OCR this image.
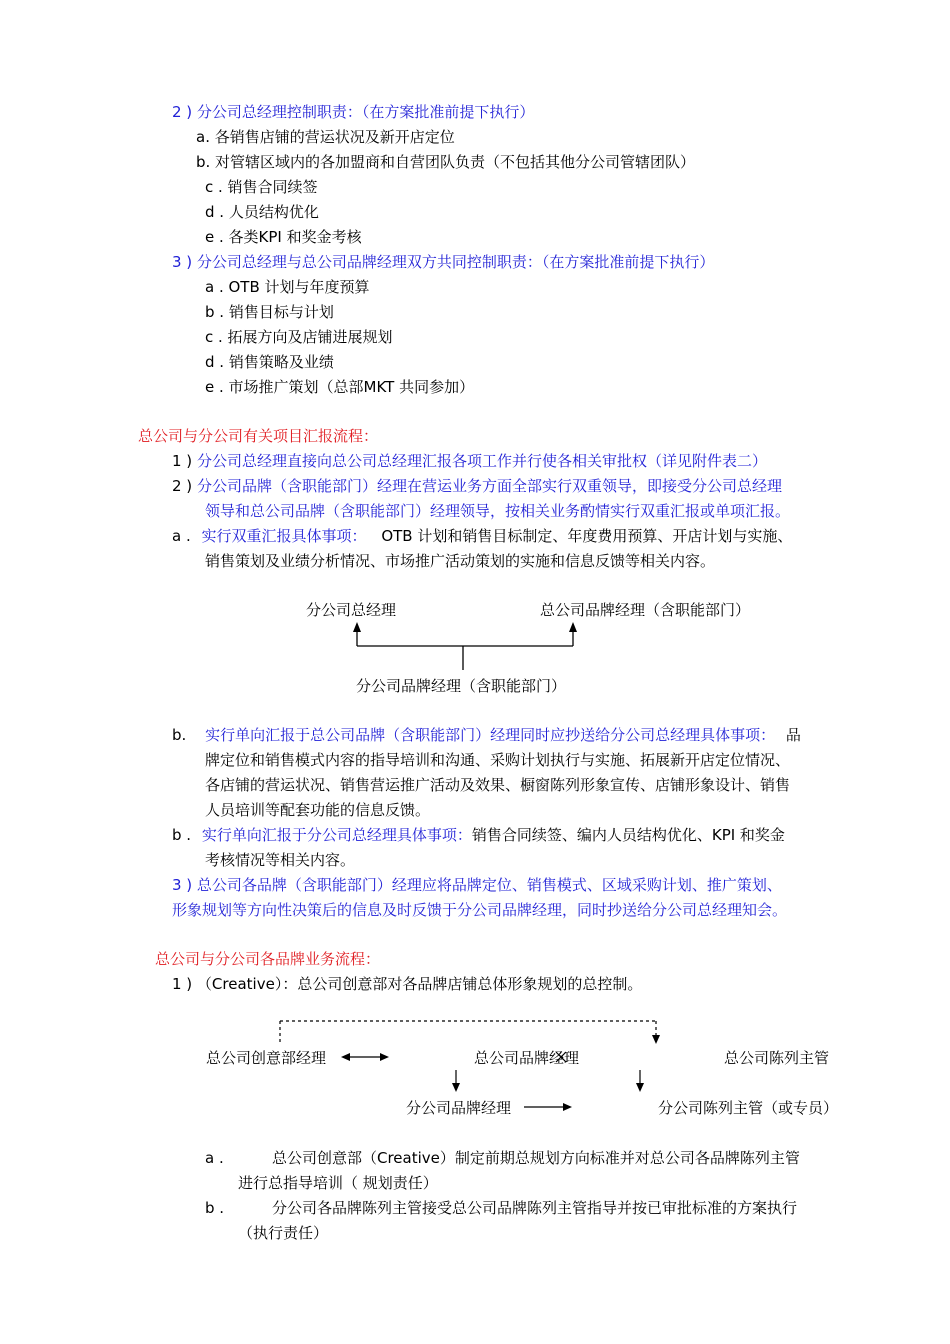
2 ) 分公司总经理控制职责：（在方案批准前提下执行）
a. 各销售店铺的营运状况及新开店定位
b. 对管辖区域内的各加盟商和自营团队负责（不包括其他分公司管辖团队）
c . 销售合同续签
d . 人员结构优化
e . 各类KPI 和奖金考核
3 ) 分公司总经理与总公司品牌经理双方共同控制职责：（在方案批准前提下执行）
a . OTB 计划与年度预算
b . 销售目标与计划
c . 拓展方向及店铺进展规划
d . 销售策略及业绩
e . 市场推广策划（总部MKT 共同参加）
总公司与分公司有关项目汇报流程：
1 ) 分公司总经理直接向总公司总经理汇报各项工作并行使各相关审批权（详见附件表二）
2 ) 分公司品牌（含职能部门）经理在营运业务方面全部实行双重领导，即接受分公司总经理
领导和总公司品牌（含职能部门）经理领导，按相关业务酌情实行双重汇报或单项汇报。
a . 实行双重汇报具体事项： OTB 计划和销售目标制定、年度费用预算、开店计划与实施、
销售策划及业绩分析情况、市场推广活动策划的实施和信息反馈等相关内容。
分公司总经理	总公司品牌经理（含职能部门）
分公司品牌经理（含职能部门）
b. 实行单向汇报于总公司品牌（含职能部门）经理同时应抄送给分公司总经理具体事项： 品
牌定位和销售模式内容的指导培训和沟通、采购计划执行与实施、拓展新开店定位情况、
各店铺的营运状况、销售营运推广活动及效果、橱窗陈列形象宣传、店铺形象设计、销售
人员培训等配套功能的信息反馈。
b . 实行单向汇报于分公司总经理具体事项：销售合同续签、编内人员结构优化、KPI 和奖金
考核情况等相关内容。
3 ) 总公司各品牌（含职能部门）经理应将品牌定位、销售模式、区域采购计划、推广策划、
形象规划等方向性决策后的信息及时反馈于分公司品牌经理，同时抄送给分公司总经理知会。
总公司与分公司各品牌业务流程：
1 ) （Creative）：总公司创意部对各品牌店铺总体形象规划的总控制。
总公司创意部经理	总公司品牌经理	总公司陈列主管
分公司品牌经理	分公司陈列主管（或专员）
a .	总公司创意部（Creative）制定前期总规划方向标准并对总公司各品牌陈列主管
进行总指导培训（ 规划责任）
b .	分公司各品牌陈列主管接受总公司品牌陈列主管指导并按已审批标准的方案执行
（执行责任）
